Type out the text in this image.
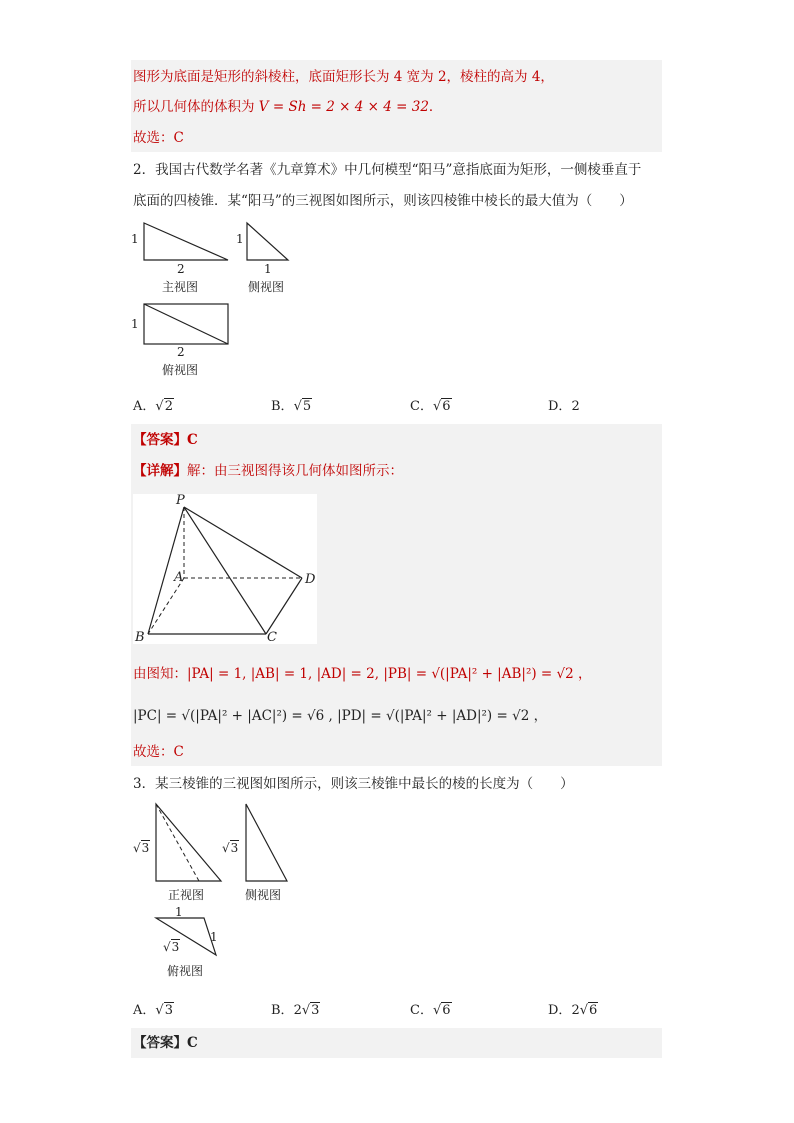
图形为底面是矩形的斜棱柱，底面矩形长为 4 宽为 2，棱柱的高为 4，
所以几何体的体积为 V = Sh = 2 × 4 × 4 = 32．
故选：C
2．我国古代数学名著《九章算术》中几何模型“阳马”意指底面为矩形，一侧棱垂直于
底面的四棱锥．某“阳马”的三视图如图所示，则该四棱锥中棱长的最大值为（　　）
1
2
主视图
1
1
侧视图
1
2
俯视图
A．√2	B．√5	C．√6	D．2
【答案】C
【详解】解：由三视图得该几何体如图所示：
P
A
B	C
D
由图知：|PA| = 1, |AB| = 1, |AD| = 2, |PB| = √(|PA|² + |AB|²) = √2 ，
|PC| = √(|PA|² + |AC|²) = √6 , |PD| = √(|PA|² + |AD|²) = √2 ，
故选：C
3．某三棱锥的三视图如图所示，则该三棱锥中最长的棱的长度为（　　）
√3
正视图
√3
侧视图
1
√3
1
俯视图
A．√3	B．2√3	C．√6	D．2√6
【答案】C
